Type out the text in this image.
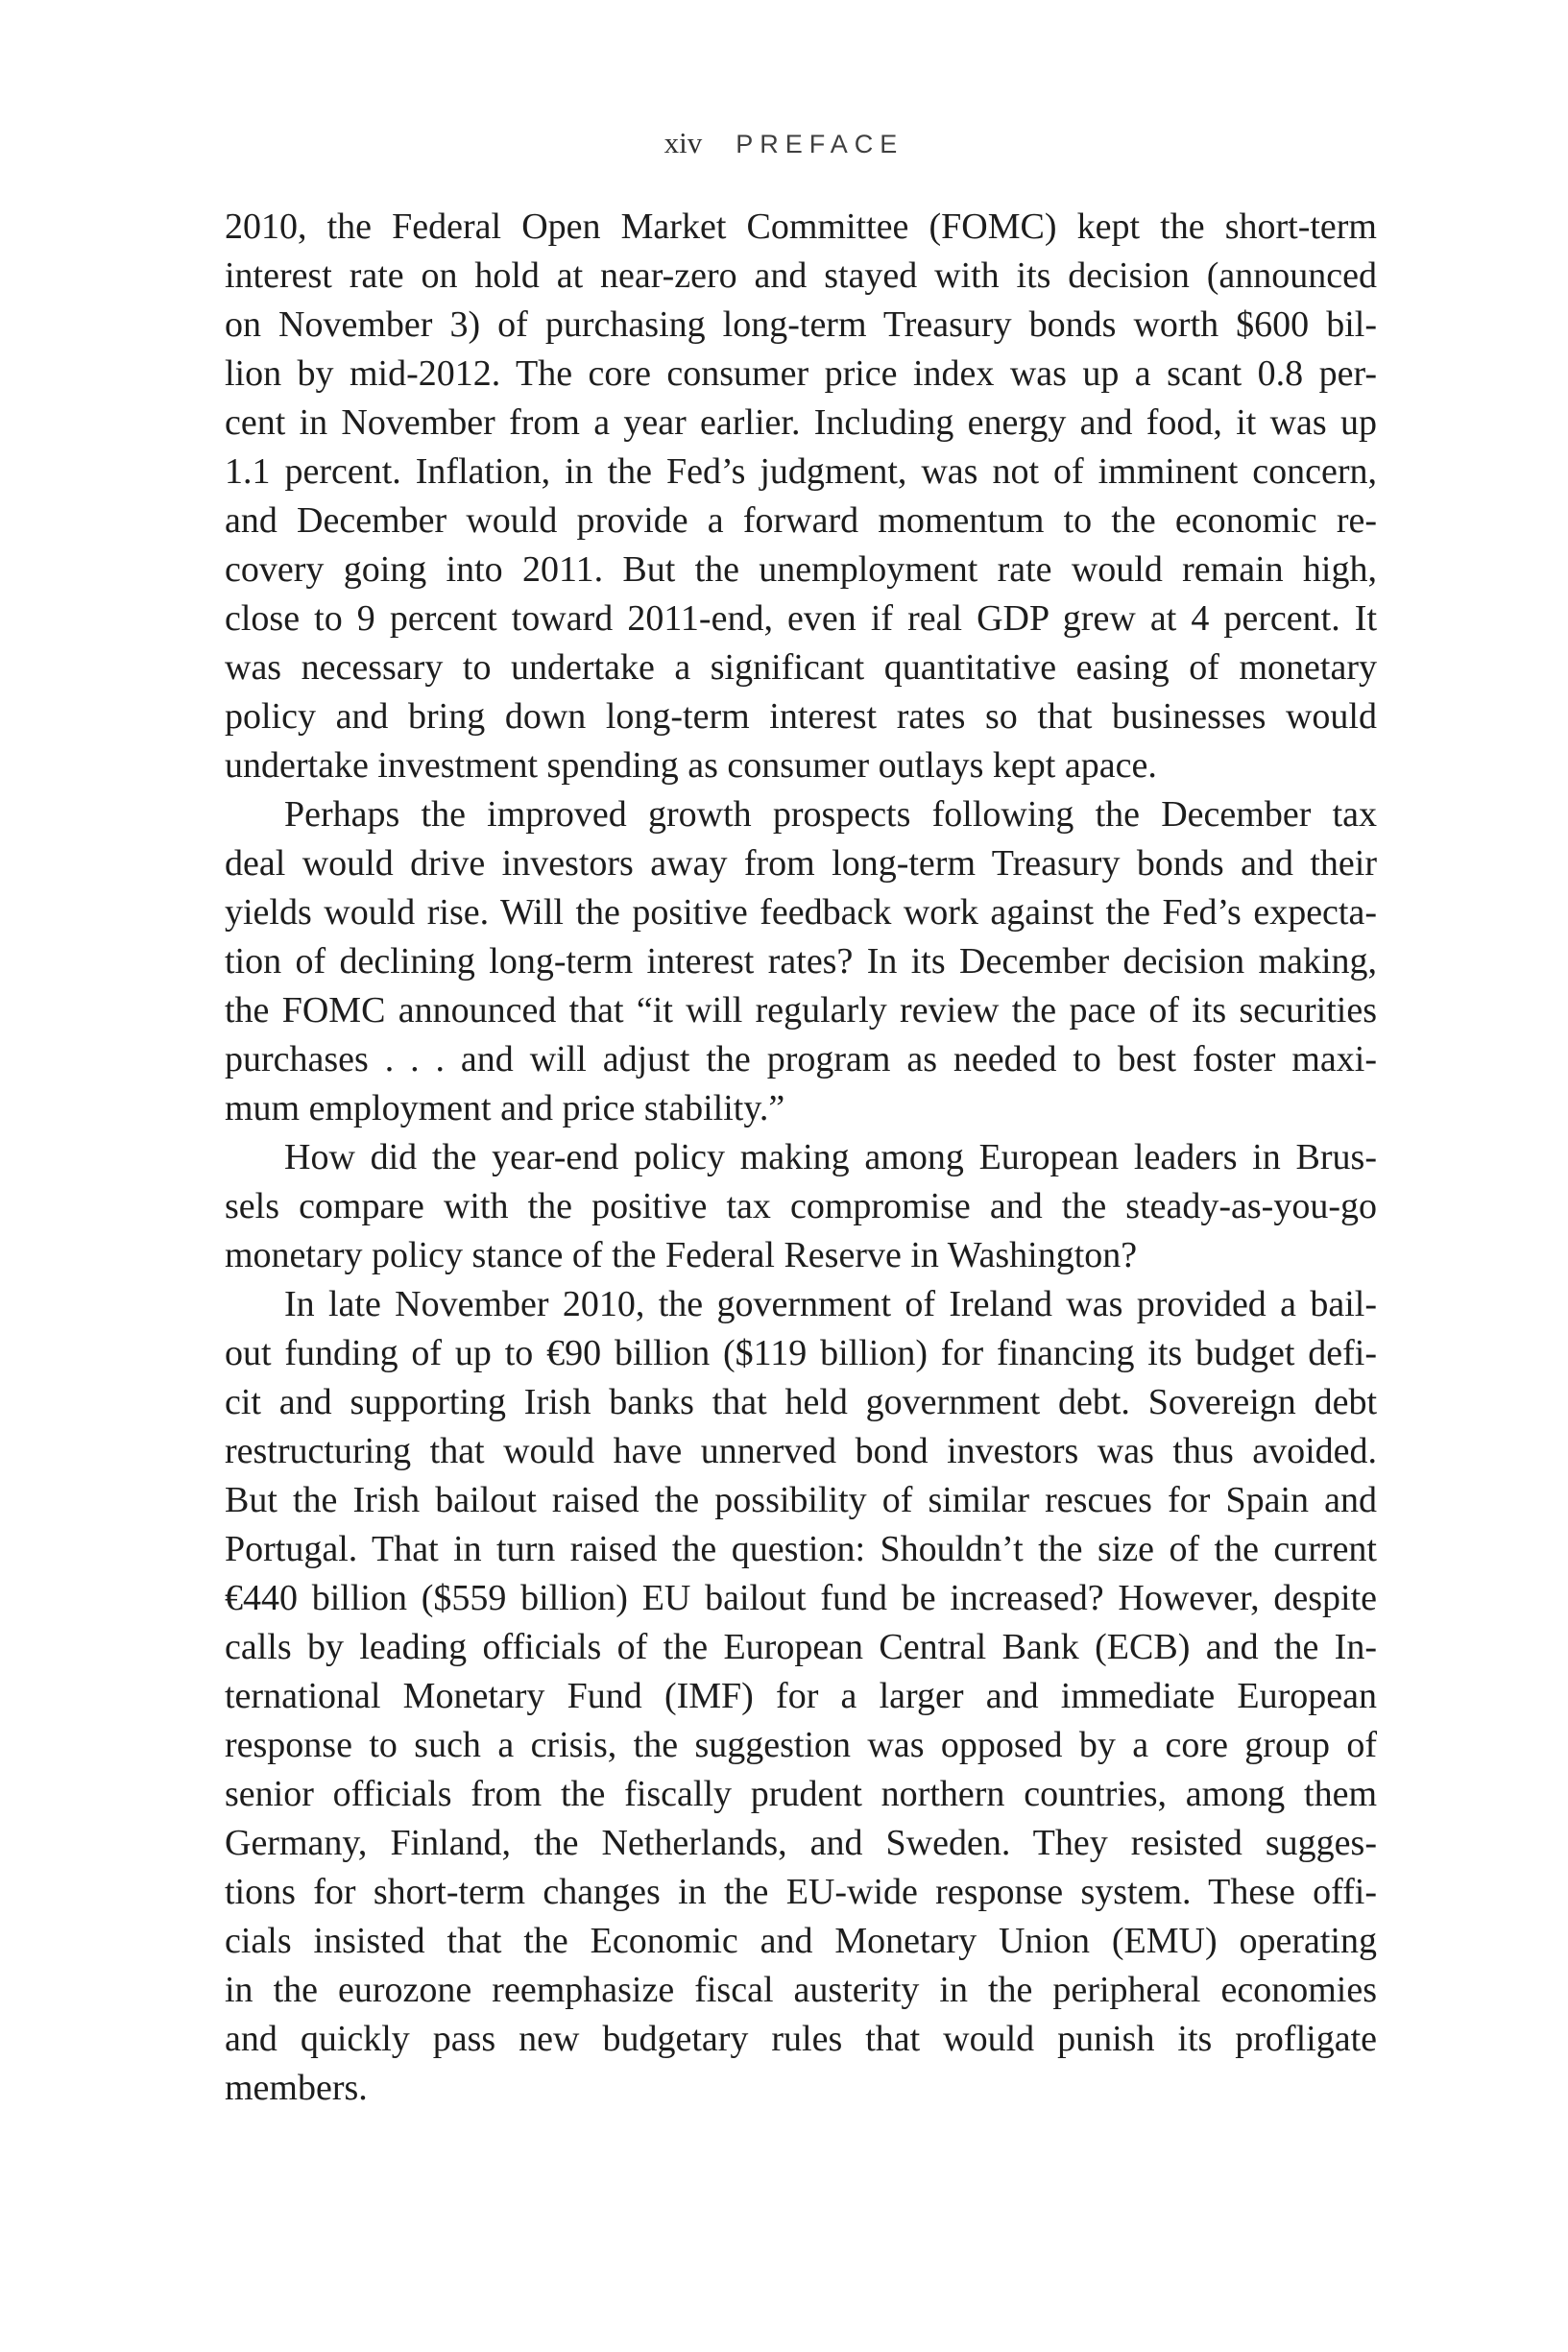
xiv PREFACE
2010, the Federal Open Market Committee (FOMC) kept the short-term
interest rate on hold at near-zero and stayed with its decision (announced
on November 3) of purchasing long-term Treasury bonds worth $600 bil-
lion by mid-2012. The core consumer price index was up a scant 0.8 per-
cent in November from a year earlier. Including energy and food, it was up
1.1 percent. Inflation, in the Fed’s judgment, was not of imminent concern,
and December would provide a forward momentum to the economic re-
covery going into 2011. But the unemployment rate would remain high,
close to 9 percent toward 2011-end, even if real GDP grew at 4 percent. It
was necessary to undertake a significant quantitative easing of monetary
policy and bring down long-term interest rates so that businesses would
undertake investment spending as consumer outlays kept apace.
Perhaps the improved growth prospects following the December tax
deal would drive investors away from long-term Treasury bonds and their
yields would rise. Will the positive feedback work against the Fed’s expecta-
tion of declining long-term interest rates? In its December decision making,
the FOMC announced that “it will regularly review the pace of its securities
purchases . . . and will adjust the program as needed to best foster maxi-
mum employment and price stability.”
How did the year-end policy making among European leaders in Brus-
sels compare with the positive tax compromise and the steady-as-you-go
monetary policy stance of the Federal Reserve in Washington?
In late November 2010, the government of Ireland was provided a bail-
out funding of up to €90 billion ($119 billion) for financing its budget defi-
cit and supporting Irish banks that held government debt. Sovereign debt
restructuring that would have unnerved bond investors was thus avoided.
But the Irish bailout raised the possibility of similar rescues for Spain and
Portugal. That in turn raised the question: Shouldn’t the size of the current
€440 billion ($559 billion) EU bailout fund be increased? However, despite
calls by leading officials of the European Central Bank (ECB) and the In-
ternational Monetary Fund (IMF) for a larger and immediate European
response to such a crisis, the suggestion was opposed by a core group of
senior officials from the fiscally prudent northern countries, among them
Germany, Finland, the Netherlands, and Sweden. They resisted sugges-
tions for short-term changes in the EU-wide response system. These offi-
cials insisted that the Economic and Monetary Union (EMU) operating
in the eurozone reemphasize fiscal austerity in the peripheral economies
and quickly pass new budgetary rules that would punish its profligate
members.
